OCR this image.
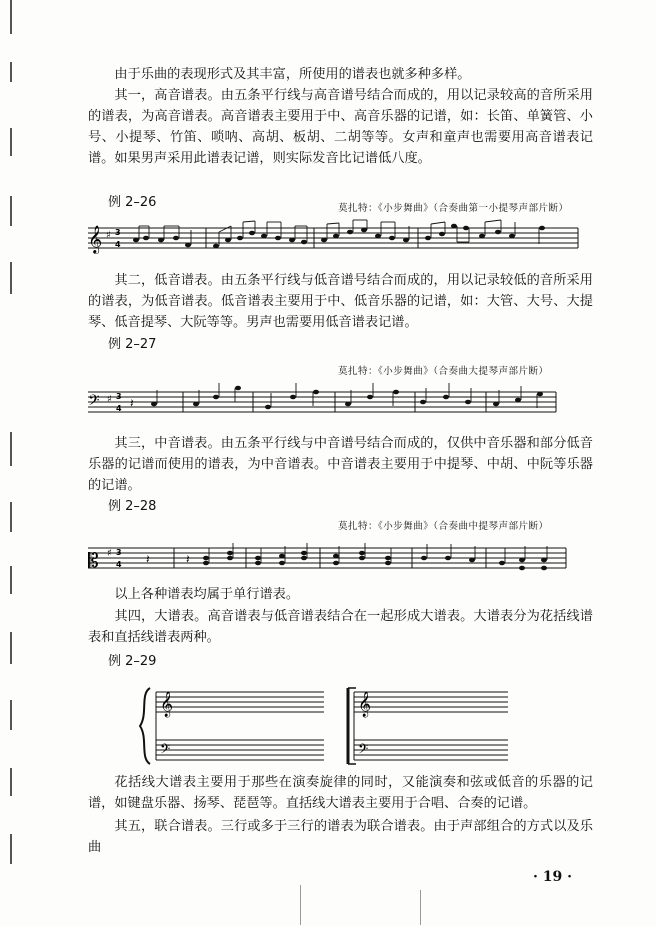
由于乐曲的表现形式及其丰富，所使用的谱表也就多种多样。

其一，高音谱表。由五条平行线与高音谱号结合而成的，用以记录较高的音所采用的谱表，为高音谱表。高音谱表主要用于中、高音乐器的记谱，如：长笛、单簧管、小号、小提琴、竹笛、唢呐、高胡、板胡、二胡等等。女声和童声也需要用高音谱表记谱。如果男声采用此谱表记谱，则实际发音比记谱低八度。

例 2–26	莫扎特：《小步舞曲》（合奏曲第一小提琴声部片断）
𝄞 ♯ 3
4

其二，低音谱表。由五条平行线与低音谱号结合而成的，用以记录较低的音所采用的谱表，为低音谱表。低音谱表主要用于中、低音乐器的记谱，如：大管、大号、大提琴、低音提琴、大阮等等。男声也需要用低音谱表记谱。

例 2–27
莫扎特：《小步舞曲》（合奏曲大提琴声部片断）
𝄢 ♯ 3
4 𝄽

其三，中音谱表。由五条平行线与中音谱号结合而成的，仅供中音乐器和部分低音乐器的记谱而使用的谱表，为中音谱表。中音谱表主要用于中提琴、中胡、中阮等乐器的记谱。

例 2–28
莫扎特：《小步舞曲》（合奏曲中提琴声部片断）
𝄡 ♯ 3
4 𝄽	𝄽

以上各种谱表均属于单行谱表。

其四，大谱表。高音谱表与低音谱表结合在一起形成大谱表。大谱表分为花括线谱表和直括线谱表两种。

例 2–29
𝄞
𝄢
𝄞
𝄢

花括线大谱表主要用于那些在演奏旋律的同时，又能演奏和弦或低音的乐器的记谱，如键盘乐器、扬琴、琵琶等。直括线大谱表主要用于合唱、合奏的记谱。

其五，联合谱表。三行或多于三行的谱表为联合谱表。由于声部组合的方式以及乐曲

· 19 ·
